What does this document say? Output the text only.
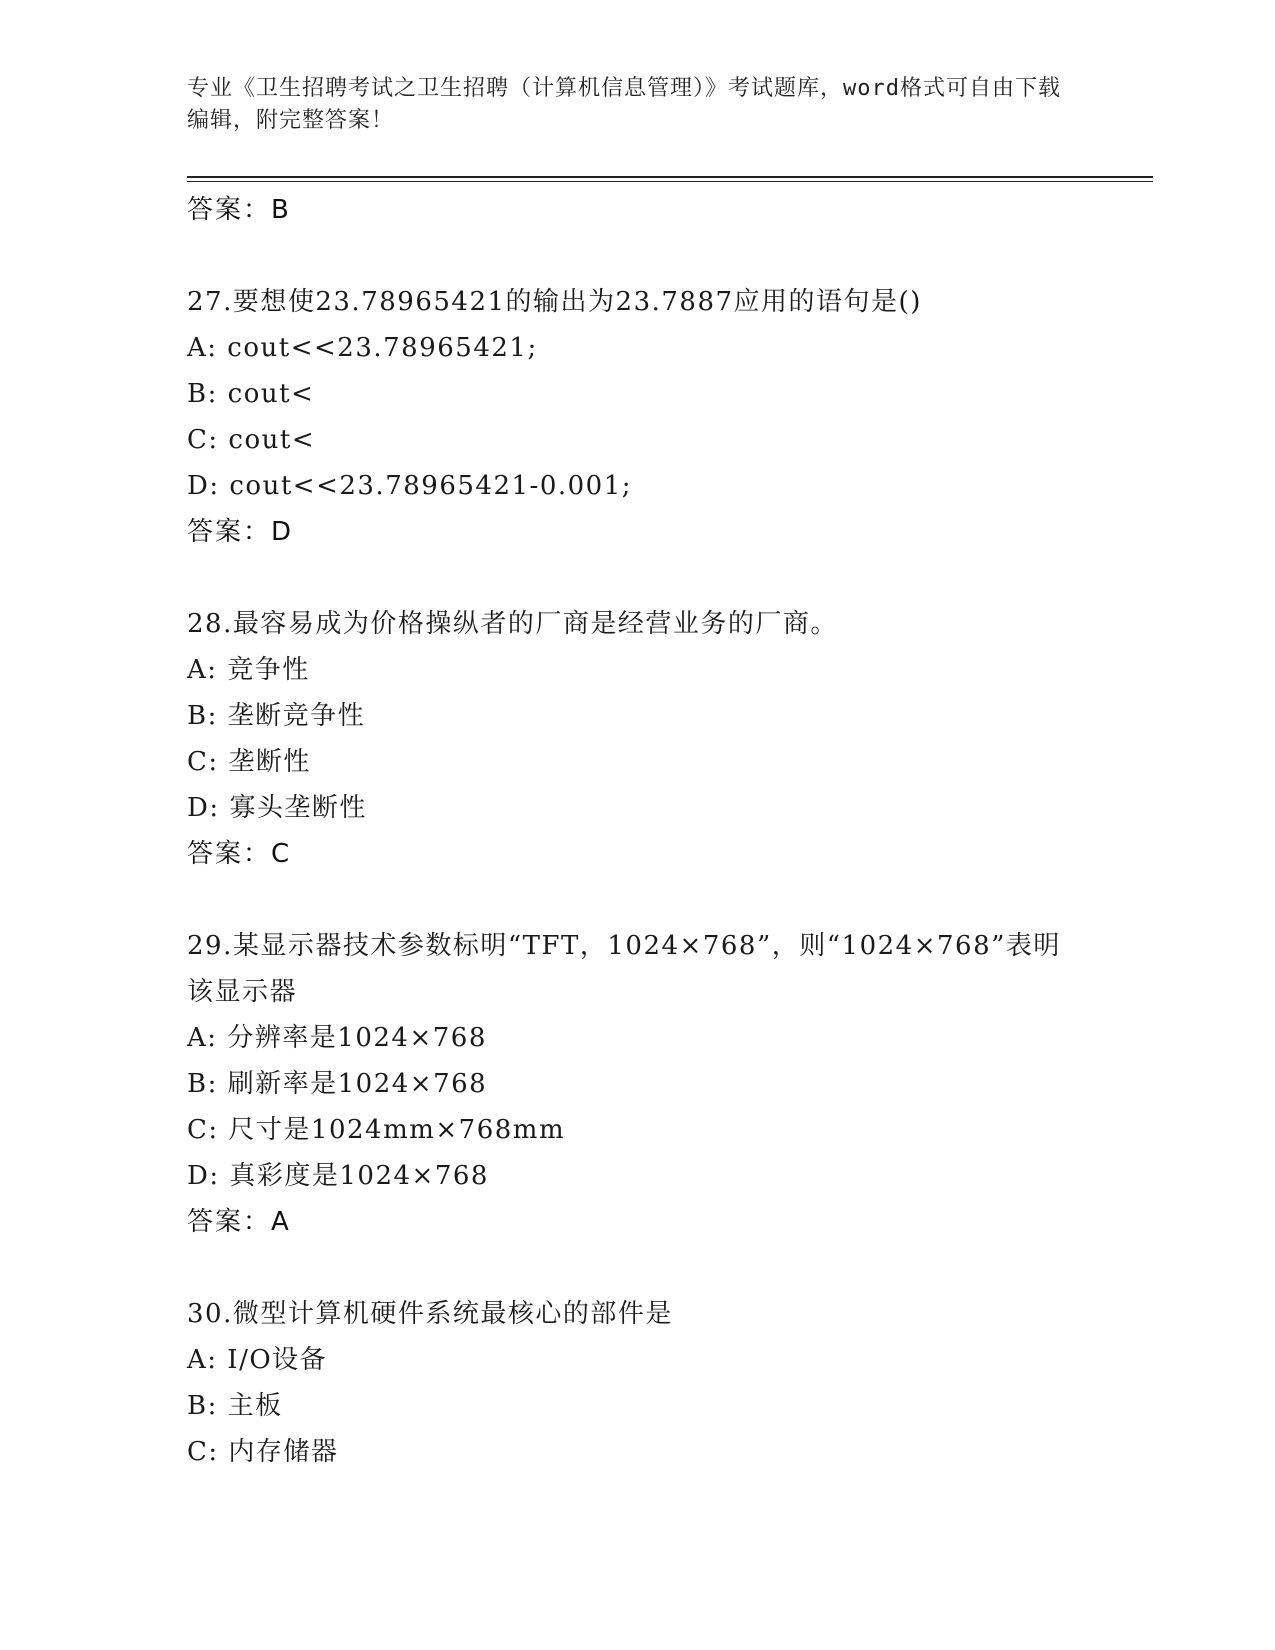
专业《卫生招聘考试之卫生招聘（计算机信息管理）》考试题库，word格式可自由下载编辑，附完整答案！
答案：B
27.要想使23.78965421的输出为23.7887应用的语句是()
A: cout<<23.78965421;
B: cout<
C: cout<
D: cout<<23.78965421-0.001;
答案：D
28.最容易成为价格操纵者的厂商是经营业务的厂商。
A: 竞争性
B: 垄断竞争性
C: 垄断性
D: 寡头垄断性
答案：C
29.某显示器技术参数标明“TFT，1024×768”，则“1024×768”表明该显示器
A: 分辨率是1024×768
B: 刷新率是1024×768
C: 尺寸是1024mm×768mm
D: 真彩度是1024×768
答案：A
30.微型计算机硬件系统最核心的部件是
A: I/O设备
B: 主板
C: 内存储器
